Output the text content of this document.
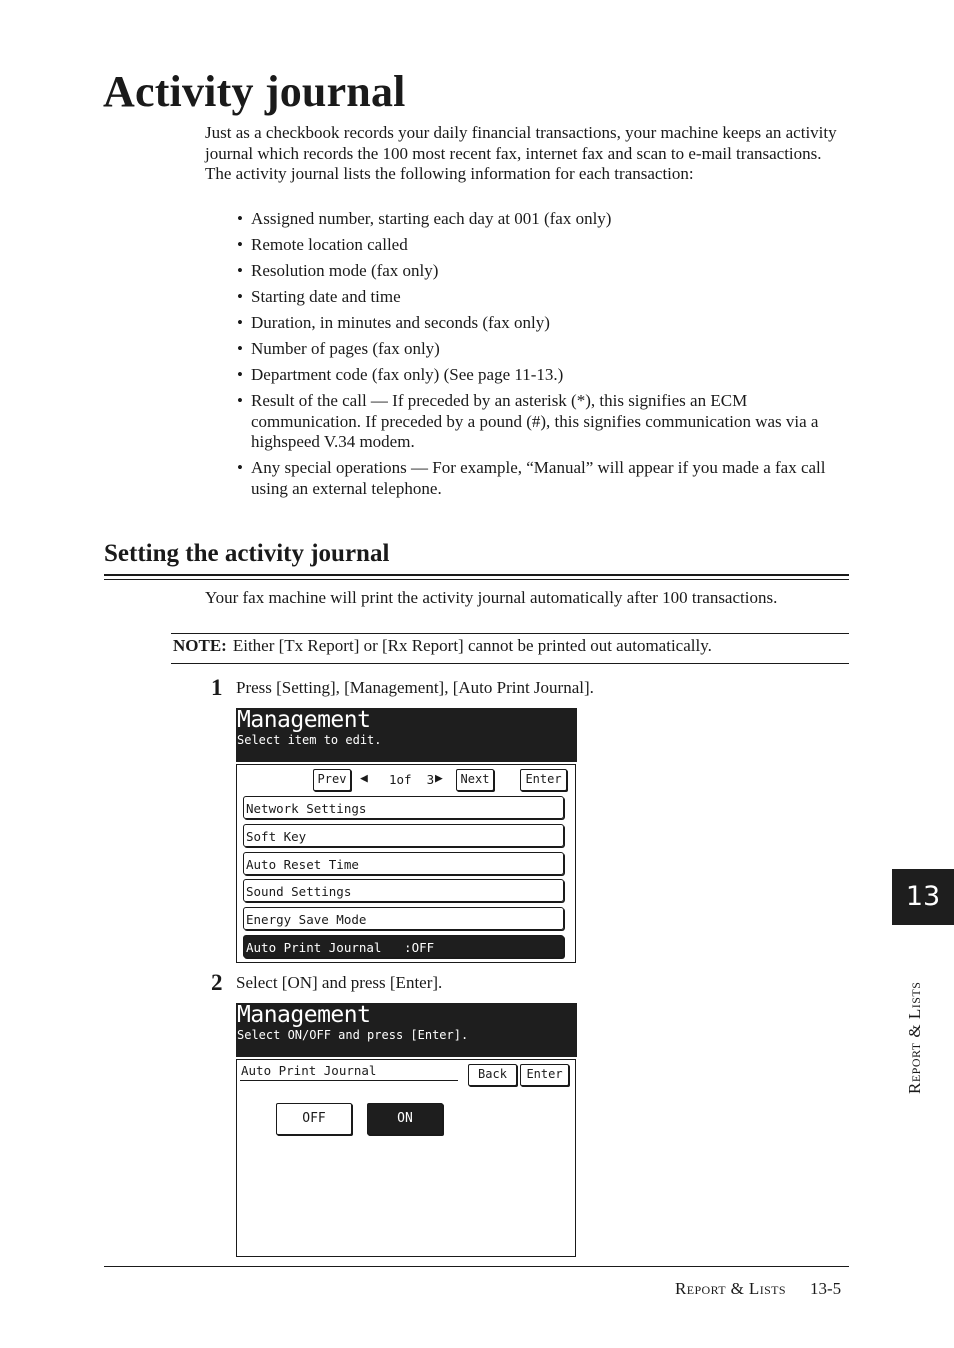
Activity journal
Just as a checkbook records your daily financial transactions, your machine keeps an activity journal which records the 100 most recent fax, internet fax and scan to e-mail transactions. The activity journal lists the following information for each transaction:
• Assigned number, starting each day at 001 (fax only)
• Remote location called
• Resolution mode (fax only)
• Starting date and time
• Duration, in minutes and seconds (fax only)
• Number of pages (fax only)
• Department code (fax only) (See page 11-13.)
• Result of the call — If preceded by an asterisk (*), this signifies an ECM communication. If preceded by a pound (#), this signifies communication was via a highspeed V.34 modem.
• Any special operations — For example, “Manual” will appear if you made a fax call using an external telephone.
Setting the activity journal
Your fax machine will print the activity journal automatically after 100 transactions.
NOTE: Either [Tx Report] or [Rx Report] cannot be printed out automatically.
1 Press [Setting], [Management], [Auto Print Journal].
Management
Select item to edit.
Prev	◀ 1of  3 ▶	Next	Enter
Network Settings
Soft Key
Auto Reset Time
Sound Settings
Energy Save Mode
Auto Print Journal   :OFF
2 Select [ON] and press [Enter].
Management
Select ON/OFF and press [Enter].
Auto Print Journal	Back	Enter
OFF	ON
13
Report & Lists
Report & Lists 13-5
